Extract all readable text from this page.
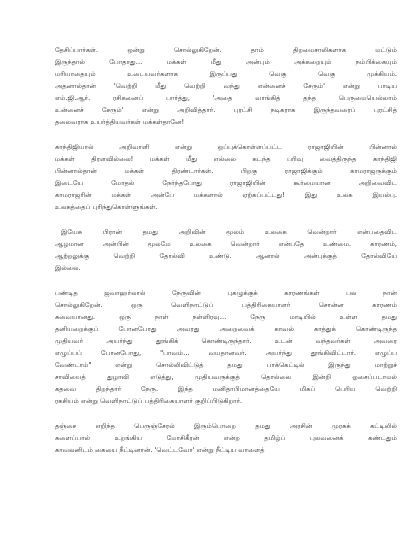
தேசிப்பார்கள். ஒன்று சொல்லுகிறேன். தாம் திறமைசாலிகளாக மட்டும்
இருந்தால் போதாது… மக்கள் மீது அன்பும் அக்கறையும் நம்பிக்கையும்
மரியாதையும் உடையவர்களாக இருப்பது வெகு வெகு முக்கியம்.
அதனால்தான் 'வெற்றி மீது வெற்றி வந்து என்னைச் சேரும்' என்று பாடிய
எம்.ஜி.ஆர். ரசிகனைப் பார்த்து, 'அதை வாங்கித் தந்த பெருமையெல்லாம்
உன்னைச் சேரும்' என்று அறிவித்தார். புரட்சி நடிகராக இருந்தவரைப் புரட்சித்
தலைவராக உயர்த்தியவர்கள் மக்கள்தானே!
காந்திஜியால் அறிவாளி என்று ஒப்புக்கொள்ளப்பட்ட ராஜாஜியின் பின்னால்
மக்கள் திரளவில்லை! மக்கள் மீது எல்லை கடந்த பரிவு வைத்திருந்த காந்திஜி
பின்னால்தான் மக்கள் திரண்டார்கள். பிறகு ராஜாஜிக்கும் காமராஜருக்கும்
இடையே மோதல் நேர்ந்தபோது ராஜாஜியின் கூர்மையான அறிவைவிட
காமராஜரின் மக்கள் அன்பே மக்களால் ஏற்கப்பட்டது! இது உலக இயல்பு.
உலகத்தைப் புரிந்துகொள்ளுங்கள்.
இயேசு பிரான் தமது அறிவின் மூலம் உலகை வென்றார் என்பதைவிட
ஆழமான அன்பின் மூலமே உலகை வென்றார் என்பதே உண்மை. காரணம்,
ஆற்றலுக்கு வெற்றி தோல்வி உண்டு. ஆனால் அன்புக்குத் தோல்வியே
இல்லை.
பண்டித ஜவாஹர்லால் நேருவின் புகழுக்குக் காரணங்கள் பல நான்
சொல்லுகிறேன். ஒரு வெளிநாட்டுப் பத்திரிகையாளர் சொன்ன காரணம்
சுவையானது. ஒரு நாள் நள்ளிரவு… நேரு மாடியில் உள்ள தமது
தனியறைக்குப் போனபோது அவரது அறைவைக் காவல் காத்துக் கொண்டிருந்த
முதியவர் அயர்ந்து தூங்கிக் கொண்டிருந்தார். உடன் வந்தவர்கள் அவரை
எழுப்பப் போனபோது, "பாவம்… வயதானவர். அயர்ந்து தூங்கிவிட்டார். எழுப்ப
வேண்டாம்" என்று சொல்லிவிட்டுத் தமது பாக்கெட்டில் இருந்து மாற்றுச்
சாவியைத் துழாவி எடுத்து, முதியவருக்குத் தொல்லை இன்றி ஓசைப்படாமல்
கதவை திறந்தார் நேரு. இந்த மனிதாபிமானத்தையே மிகப் பெரிய வெற்றி
ரகசியம் என்று வெளிநாட்டுப் பத்திரிகையாளர் குறிப்பிடுகிறார்.
தஞ்சை எறிந்த பெருஞ்சேரல் இரும்பொறை தமது அரசின் முரசுக் கட்டிலில்
களைப்பால் உறங்கிய மோசிகீரன் என்ற தமிழ்ப் புலவனைக் கண்டதும்
காவலனிடம் கையை நீட்டினான். 'வெட்டவோ' என்று நீட்டிய வாளைத்
